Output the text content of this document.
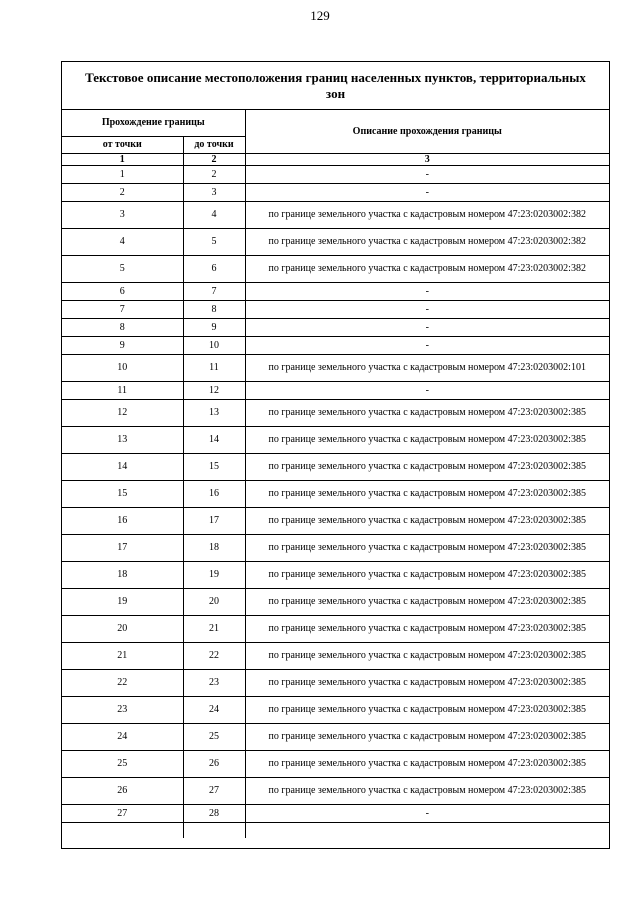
129
Текстовое описание местоположения границ населенных пунктов, территориальных зон
Прохождение границы		Описание прохождения границы
от точки	до точки	
1	2	3
1	2	-
2	3	-
3	4	по границе земельного участка с кадастровым номером 47:23:0203002:382
4	5	по границе земельного участка с кадастровым номером 47:23:0203002:382
5	6	по границе земельного участка с кадастровым номером 47:23:0203002:382
6	7	-
7	8	-
8	9	-
9	10	-
10	11	по границе земельного участка с кадастровым номером 47:23:0203002:101
11	12	-
12	13	по границе земельного участка с кадастровым номером 47:23:0203002:385
13	14	по границе земельного участка с кадастровым номером 47:23:0203002:385
14	15	по границе земельного участка с кадастровым номером 47:23:0203002:385
15	16	по границе земельного участка с кадастровым номером 47:23:0203002:385
16	17	по границе земельного участка с кадастровым номером 47:23:0203002:385
17	18	по границе земельного участка с кадастровым номером 47:23:0203002:385
18	19	по границе земельного участка с кадастровым номером 47:23:0203002:385
19	20	по границе земельного участка с кадастровым номером 47:23:0203002:385
20	21	по границе земельного участка с кадастровым номером 47:23:0203002:385
21	22	по границе земельного участка с кадастровым номером 47:23:0203002:385
22	23	по границе земельного участка с кадастровым номером 47:23:0203002:385
23	24	по границе земельного участка с кадастровым номером 47:23:0203002:385
24	25	по границе земельного участка с кадастровым номером 47:23:0203002:385
25	26	по границе земельного участка с кадастровым номером 47:23:0203002:385
26	27	по границе земельного участка с кадастровым номером 47:23:0203002:385
27	28	-
